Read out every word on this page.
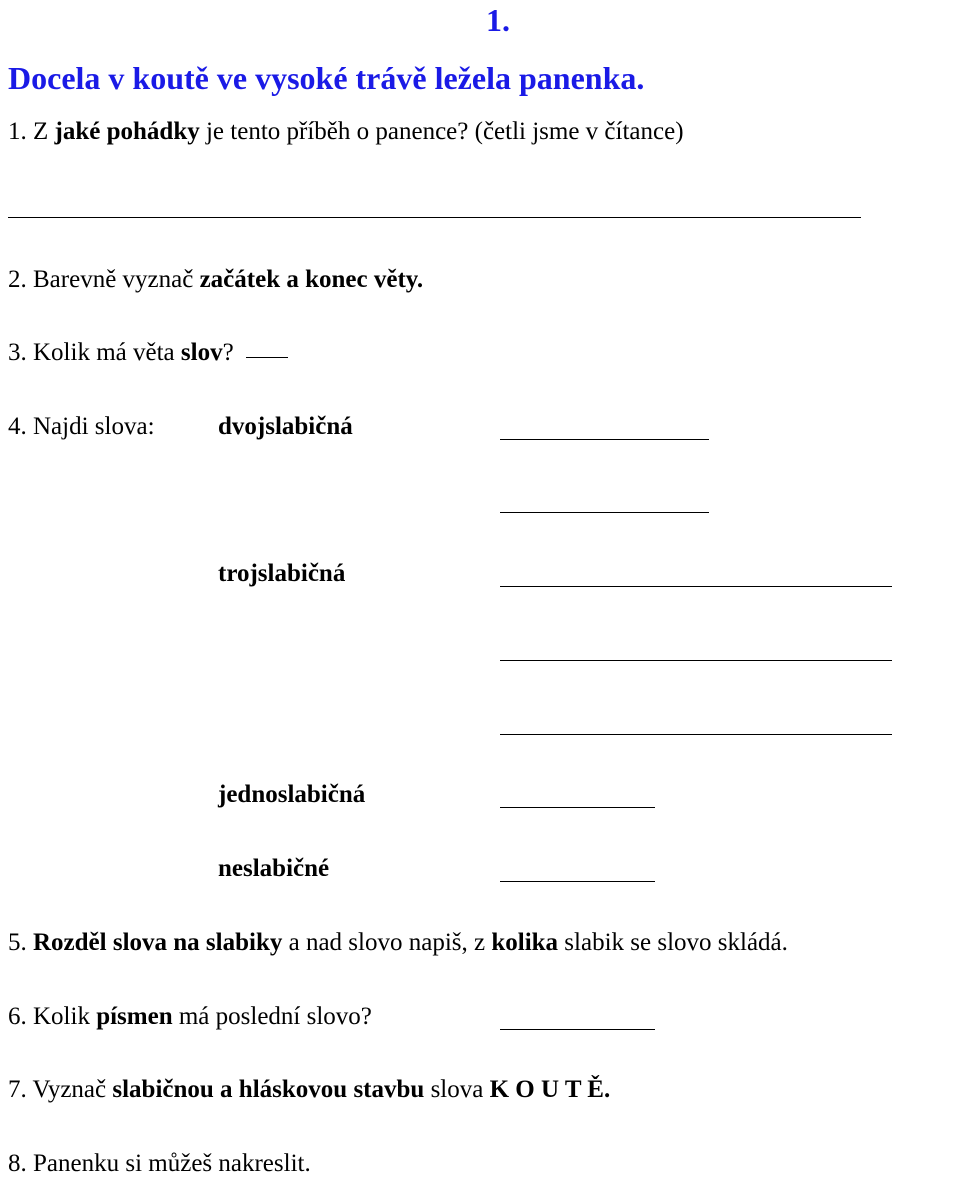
1.
Docela v koutě ve vysoké trávě ležela panenka.
1. Z jaké pohádky je tento příběh o panence? (četli jsme v čítance)
2. Barevně vyznač začátek a konec věty.
3. Kolik má věta slov?
4. Najdi slova:	dvojslabičná
trojslabičná
jednoslabičná
neslabičné
5. Rozděl slova na slabiky a nad slovo napiš, z kolika slabik se slovo skládá.
6. Kolik písmen má poslední slovo?
7. Vyznač slabičnou a hláskovou stavbu slova K O U T Ě.
8. Panenku si můžeš nakreslit.
